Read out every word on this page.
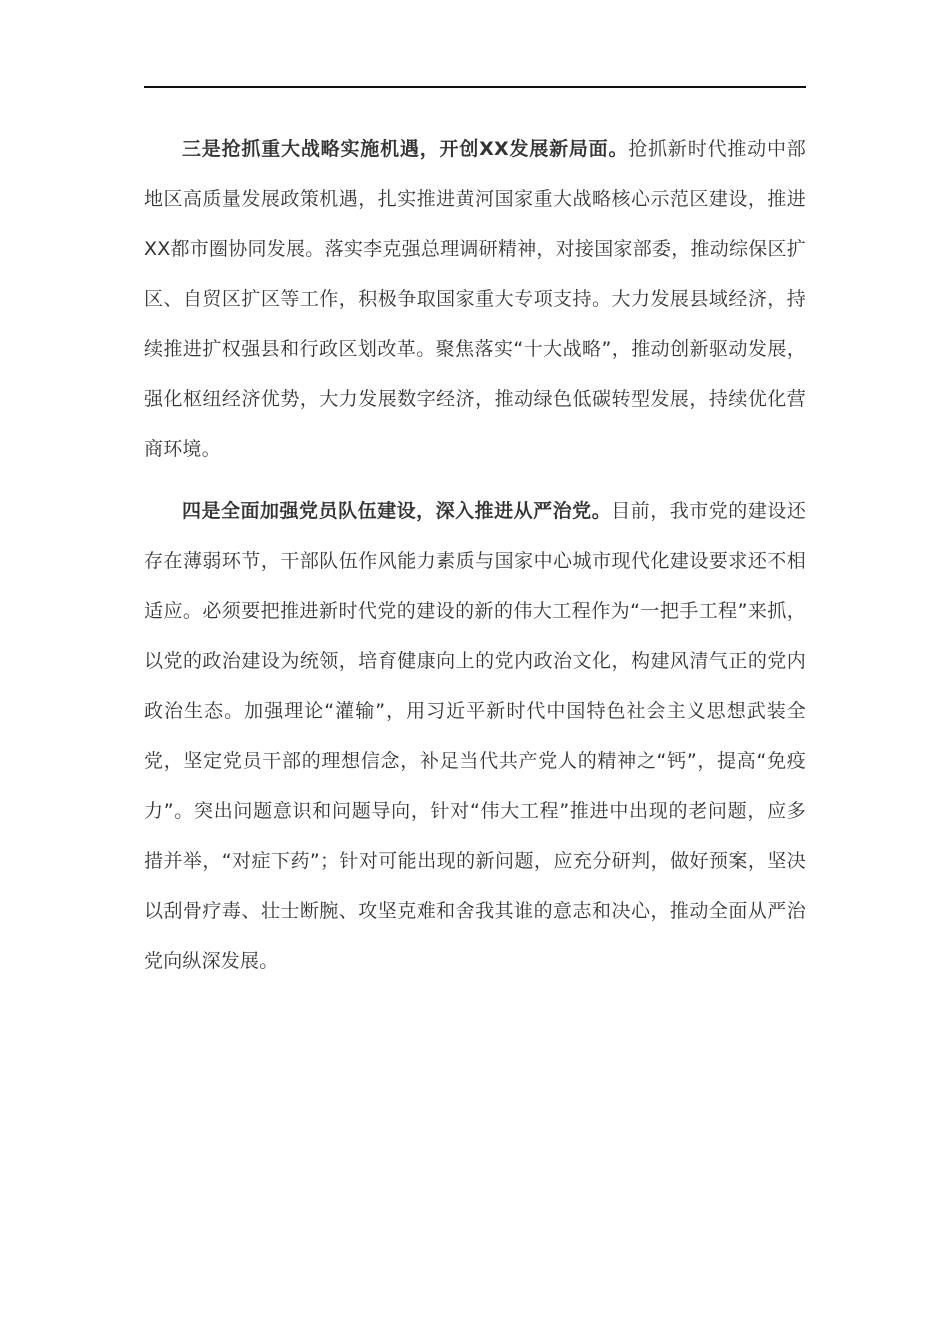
三是抢抓重大战略实施机遇，开创XX发展新局面。抢抓新时代推动中部地区高质量发展政策机遇，扎实推进黄河国家重大战略核心示范区建设，推进XX都市圈协同发展。落实李克强总理调研精神，对接国家部委，推动综保区扩区、自贸区扩区等工作，积极争取国家重大专项支持。大力发展县域经济，持续推进扩权强县和行政区划改革。聚焦落实“十大战略”，推动创新驱动发展，强化枢纽经济优势，大力发展数字经济，推动绿色低碳转型发展，持续优化营商环境。

四是全面加强党员队伍建设，深入推进从严治党。目前，我市党的建设还存在薄弱环节，干部队伍作风能力素质与国家中心城市现代化建设要求还不相适应。必须要把推进新时代党的建设的新的伟大工程作为“一把手工程”来抓，以党的政治建设为统领，培育健康向上的党内政治文化，构建风清气正的党内政治生态。加强理论“灌输”，用习近平新时代中国特色社会主义思想武装全党，坚定党员干部的理想信念，补足当代共产党人的精神之“钙”，提高“免疫力”。突出问题意识和问题导向，针对“伟大工程”推进中出现的老问题，应多措并举，“对症下药”；针对可能出现的新问题，应充分研判，做好预案，坚决以刮骨疗毒、壮士断腕、攻坚克难和舍我其谁的意志和决心，推动全面从严治党向纵深发展。
